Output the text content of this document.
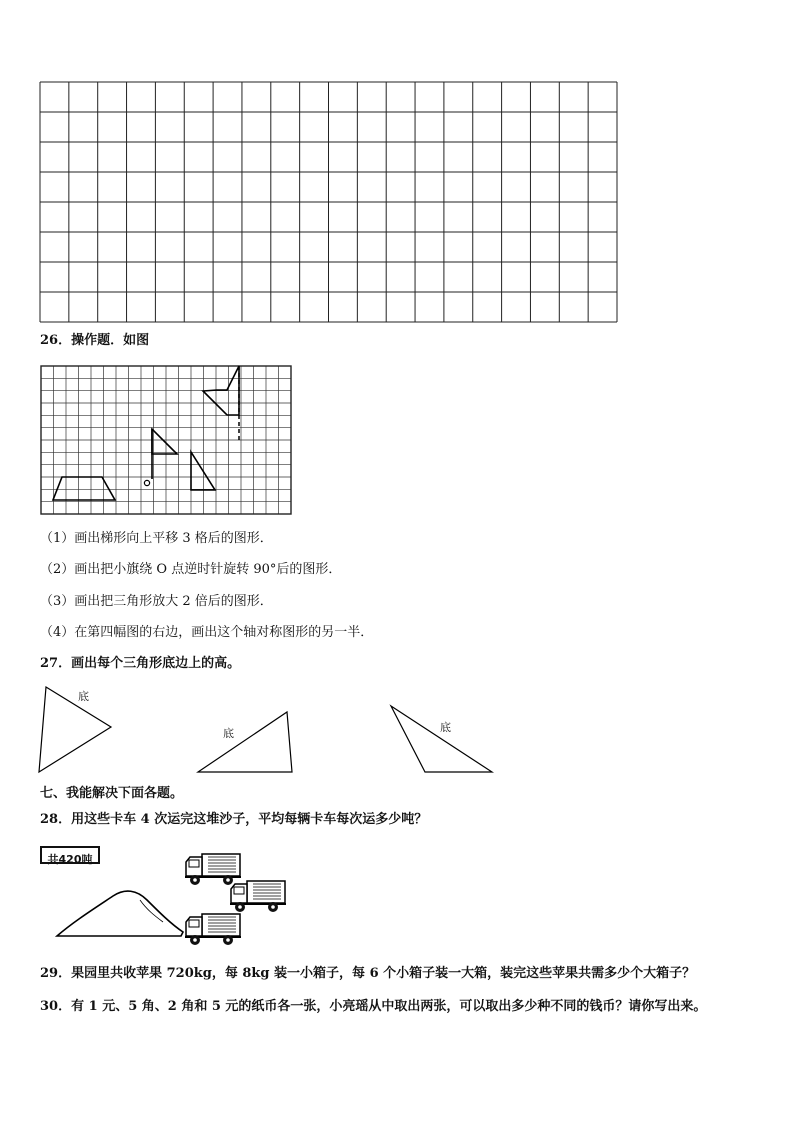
26．操作题．如图
（1）画出梯形向上平移 3 格后的图形．
（2）画出把小旗绕 O 点逆时针旋转 90°后的图形．
（3）画出把三角形放大 2 倍后的图形．
（4）在第四幅图的右边，画出这个轴对称图形的另一半．
27．画出每个三角形底边上的高。
底
底	底
七、我能解决下面各题。
28．用这些卡车 4 次运完这堆沙子，平均每辆卡车每次运多少吨？
共420吨
29．果园里共收苹果 720kg，每 8kg 装一小箱子，每 6 个小箱子装一大箱，装完这些苹果共需多少个大箱子？
30．有 1 元、5 角、2 角和 5 元的纸币各一张，小亮瑶从中取出两张，可以取出多少种不同的钱币？请你写出来。
